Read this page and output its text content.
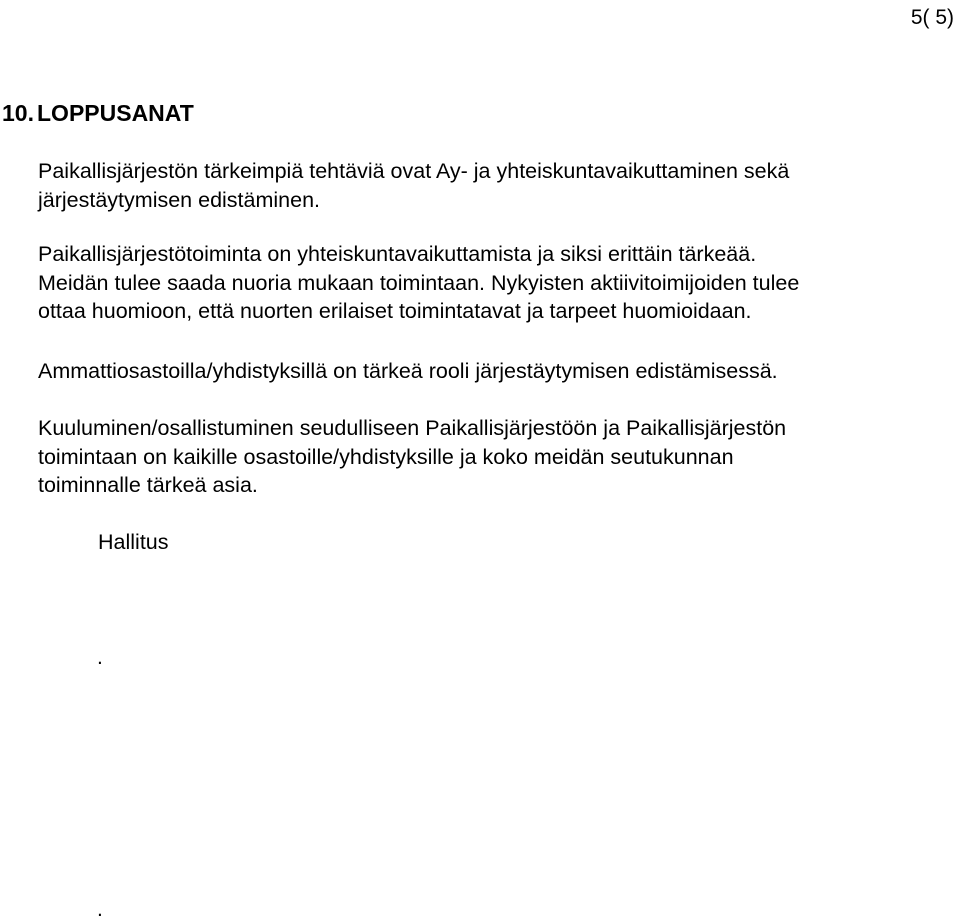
5( 5)
10. LOPPUSANAT
Paikallisjärjestön tärkeimpiä tehtäviä ovat Ay- ja yhteiskuntavaikuttaminen sekä
järjestäytymisen edistäminen.
Paikallisjärjestötoiminta on yhteiskuntavaikuttamista ja siksi erittäin tärkeää.
Meidän tulee saada nuoria mukaan toimintaan. Nykyisten aktiivitoimijoiden tulee
ottaa huomioon, että nuorten erilaiset toimintatavat ja tarpeet huomioidaan.
Ammattiosastoilla/yhdistyksillä on tärkeä rooli järjestäytymisen edistämisessä.
Kuuluminen/osallistuminen seudulliseen Paikallisjärjestöön ja Paikallisjärjestön
toimintaan on kaikille osastoille/yhdistyksille ja koko meidän seutukunnan
toiminnalle tärkeä asia.
Hallitus
.
.
